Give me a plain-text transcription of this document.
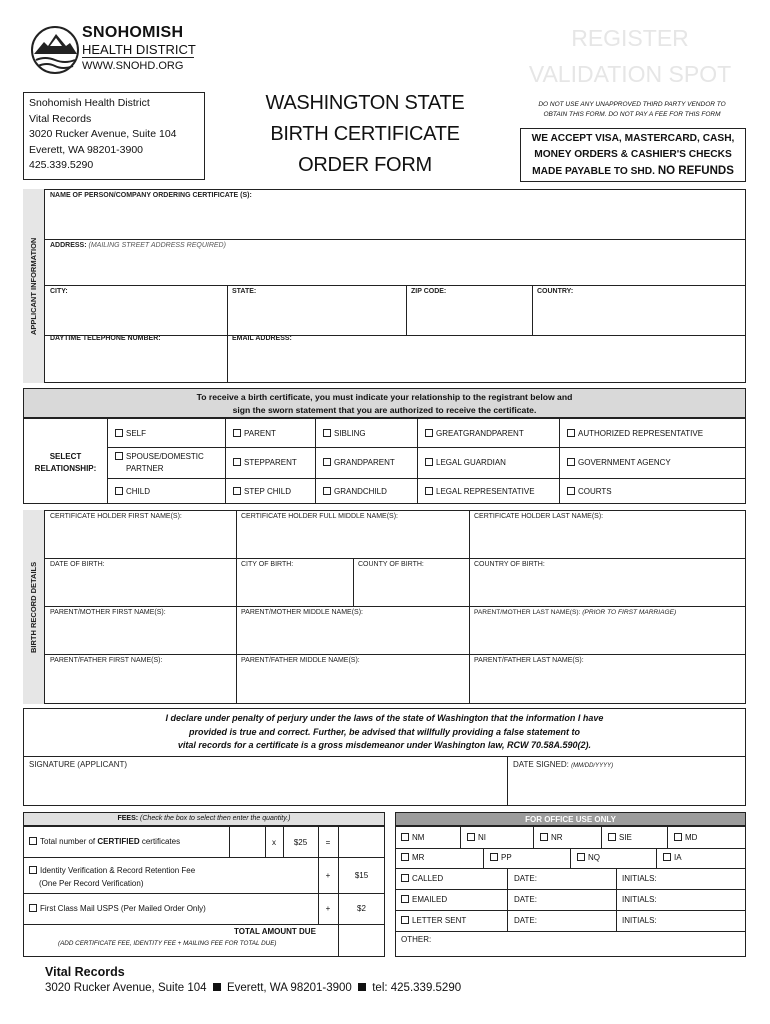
SNOHOMISH
HEALTH DISTRICT
WWW.SNOHD.ORG
REGISTER
VALIDATION SPOT
Snohomish Health District
Vital Records
3020 Rucker Avenue, Suite 104
Everett, WA 98201-3900
425.339.5290
WASHINGTON STATE
BIRTH CERTIFICATE
ORDER FORM
DO NOT USE ANY UNAPPROVED THIRD PARTY VENDOR TO
OBTAIN THIS FORM. DO NOT PAY A FEE FOR THIS FORM
WE ACCEPT VISA, MASTERCARD, CASH,
MONEY ORDERS & CASHIER'S CHECKS
MADE PAYABLE TO SHD. NO REFUNDS
APPLICANT INFORMATION
NAME OF PERSON/COMPANY ORDERING CERTIFICATE (S):
ADDRESS: (MAILING STREET ADDRESS REQUIRED)
CITY:	STATE:	ZIP CODE:	COUNTRY:
DAYTIME TELEPHONE NUMBER:	EMAIL ADDRESS:
To receive a birth certificate, you must indicate your relationship to the registrant below and
sign the sworn statement that you are authorized to receive the certificate.
SELECT
RELATIONSHIP:
SELF	PARENT	SIBLING	GREATGRANDPARENT	AUTHORIZED REPRESENTATIVE
SPOUSE/DOMESTIC
PARTNER
STEPPARENT	GRANDPARENT	LEGAL GUARDIAN	GOVERNMENT AGENCY
CHILD	STEP CHILD	GRANDCHILD	LEGAL REPRESENTATIVE	COURTS
BIRTH RECORD DETAILS
CERTIFICATE HOLDER FIRST NAME(S):	CERTIFICATE HOLDER FULL MIDDLE NAME(S):	CERTIFICATE HOLDER LAST NAME(S):
DATE OF BIRTH:	CITY OF BIRTH:	COUNTY OF BIRTH:	COUNTRY OF BIRTH:
PARENT/MOTHER FIRST NAME(S):	PARENT/MOTHER MIDDLE NAME(S):	PARENT/MOTHER LAST NAME(S): (PRIOR TO FIRST MARRIAGE)
PARENT/FATHER FIRST NAME(S):	PARENT/FATHER MIDDLE NAME(S):	PARENT/FATHER LAST NAME(S):
I declare under penalty of perjury under the laws of the state of Washington that the information I have
provided is true and correct. Further, be advised that willfully providing a false statement to
vital records for a certificate is a gross misdemeanor under Washington law, RCW 70.58A.590(2).
SIGNATURE (APPLICANT)	DATE SIGNED: (MM/DD/YYYY)
FEES: (Check the box to select then enter the quantity.)
Total number of CERTIFIED certificates	x	$25	=
Identity Verification & Record Retention Fee
(One Per Record Verification)
+	$15
First Class Mail USPS (Per Mailed Order Only)	+	$2
TOTAL AMOUNT DUE
(ADD CERTIFICATE FEE, IDENTITY FEE + MAILING FEE FOR TOTAL DUE)
FOR OFFICE USE ONLY
NM	NI	NR	SIE	MD
MR	PP	NQ	IA
CALLED	DATE:	INITIALS:
EMAILED	DATE:	INITIALS:
LETTER SENT	DATE:	INITIALS:
OTHER:
Vital Records
3020 Rucker Avenue, Suite 104 Everett, WA 98201-3900 tel: 425.339.5290
